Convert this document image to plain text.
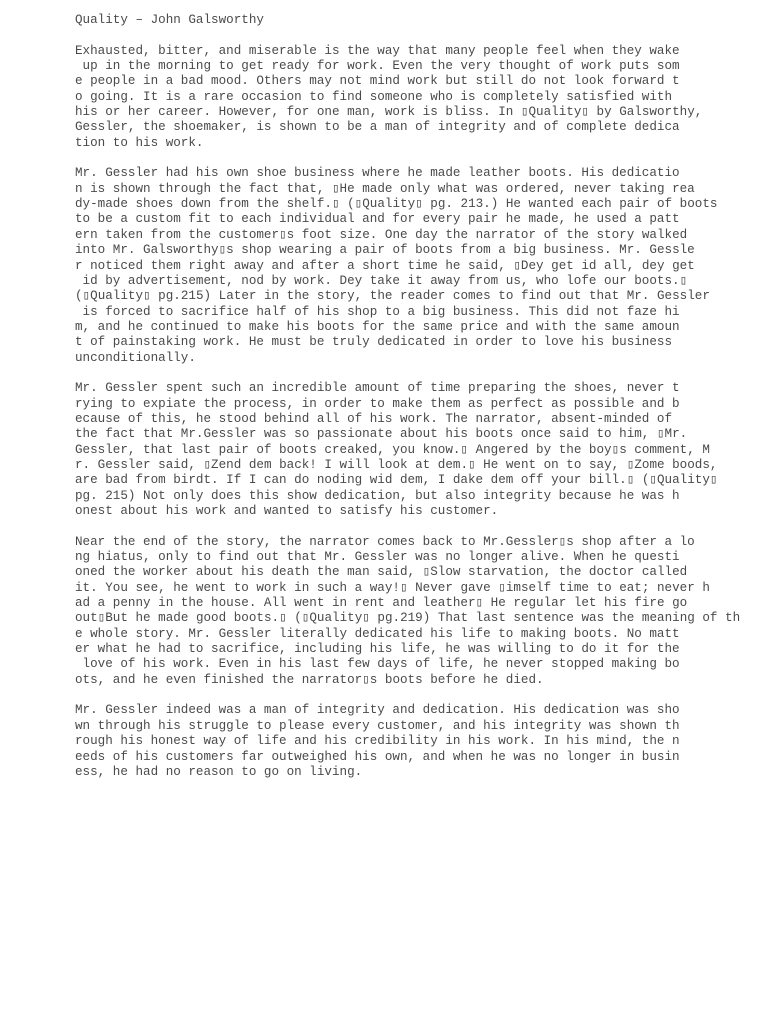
Quality – John Galsworthy
Exhausted, bitter, and miserable is the way that many people feel when they wake
up in the morning to get ready for work. Even the very thought of work puts som
e people in a bad mood. Others may not mind work but still do not look forward t
o going. It is a rare occasion to find someone who is completely satisfied with
his or her career. However, for one man, work is bliss. In ▯Quality▯ by Galsworthy,
Gessler, the shoemaker, is shown to be a man of integrity and of complete dedica
tion to his work.
Mr. Gessler had his own shoe business where he made leather boots. His dedicatio
n is shown through the fact that, ▯He made only what was ordered, never taking rea
dy-made shoes down from the shelf.▯ (▯Quality▯ pg. 213.) He wanted each pair of boots
to be a custom fit to each individual and for every pair he made, he used a patt
ern taken from the customer▯s foot size. One day the narrator of the story walked
into Mr. Galsworthy▯s shop wearing a pair of boots from a big business. Mr. Gessle
r noticed them right away and after a short time he said, ▯Dey get id all, dey get
id by advertisement, nod by work. Dey take it away from us, who lofe our boots.▯
(▯Quality▯ pg.215) Later in the story, the reader comes to find out that Mr. Gessler
is forced to sacrifice half of his shop to a big business. This did not faze hi
m, and he continued to make his boots for the same price and with the same amoun
t of painstaking work. He must be truly dedicated in order to love his business
unconditionally.
Mr. Gessler spent such an incredible amount of time preparing the shoes, never t
rying to expiate the process, in order to make them as perfect as possible and b
ecause of this, he stood behind all of his work. The narrator, absent-minded of
the fact that Mr.Gessler was so passionate about his boots once said to him, ▯Mr.
Gessler, that last pair of boots creaked, you know.▯ Angered by the boy▯s comment, M
r. Gessler said, ▯Zend dem back! I will look at dem.▯ He went on to say, ▯Zome boods,
are bad from birdt. If I can do noding wid dem, I dake dem off your bill.▯ (▯Quality▯
pg. 215) Not only does this show dedication, but also integrity because he was h
onest about his work and wanted to satisfy his customer.
Near the end of the story, the narrator comes back to Mr.Gessler▯s shop after a lo
ng hiatus, only to find out that Mr. Gessler was no longer alive. When he questi
oned the worker about his death the man said, ▯Slow starvation, the doctor called
it. You see, he went to work in such a way!▯ Never gave ▯imself time to eat; never h
ad a penny in the house. All went in rent and leather▯ He regular let his fire go
out▯But he made good boots.▯ (▯Quality▯ pg.219) That last sentence was the meaning of th
e whole story. Mr. Gessler literally dedicated his life to making boots. No matt
er what he had to sacrifice, including his life, he was willing to do it for the
love of his work. Even in his last few days of life, he never stopped making bo
ots, and he even finished the narrator▯s boots before he died.
Mr. Gessler indeed was a man of integrity and dedication. His dedication was sho
wn through his struggle to please every customer, and his integrity was shown th
rough his honest way of life and his credibility in his work. In his mind, the n
eeds of his customers far outweighed his own, and when he was no longer in busin
ess, he had no reason to go on living.
